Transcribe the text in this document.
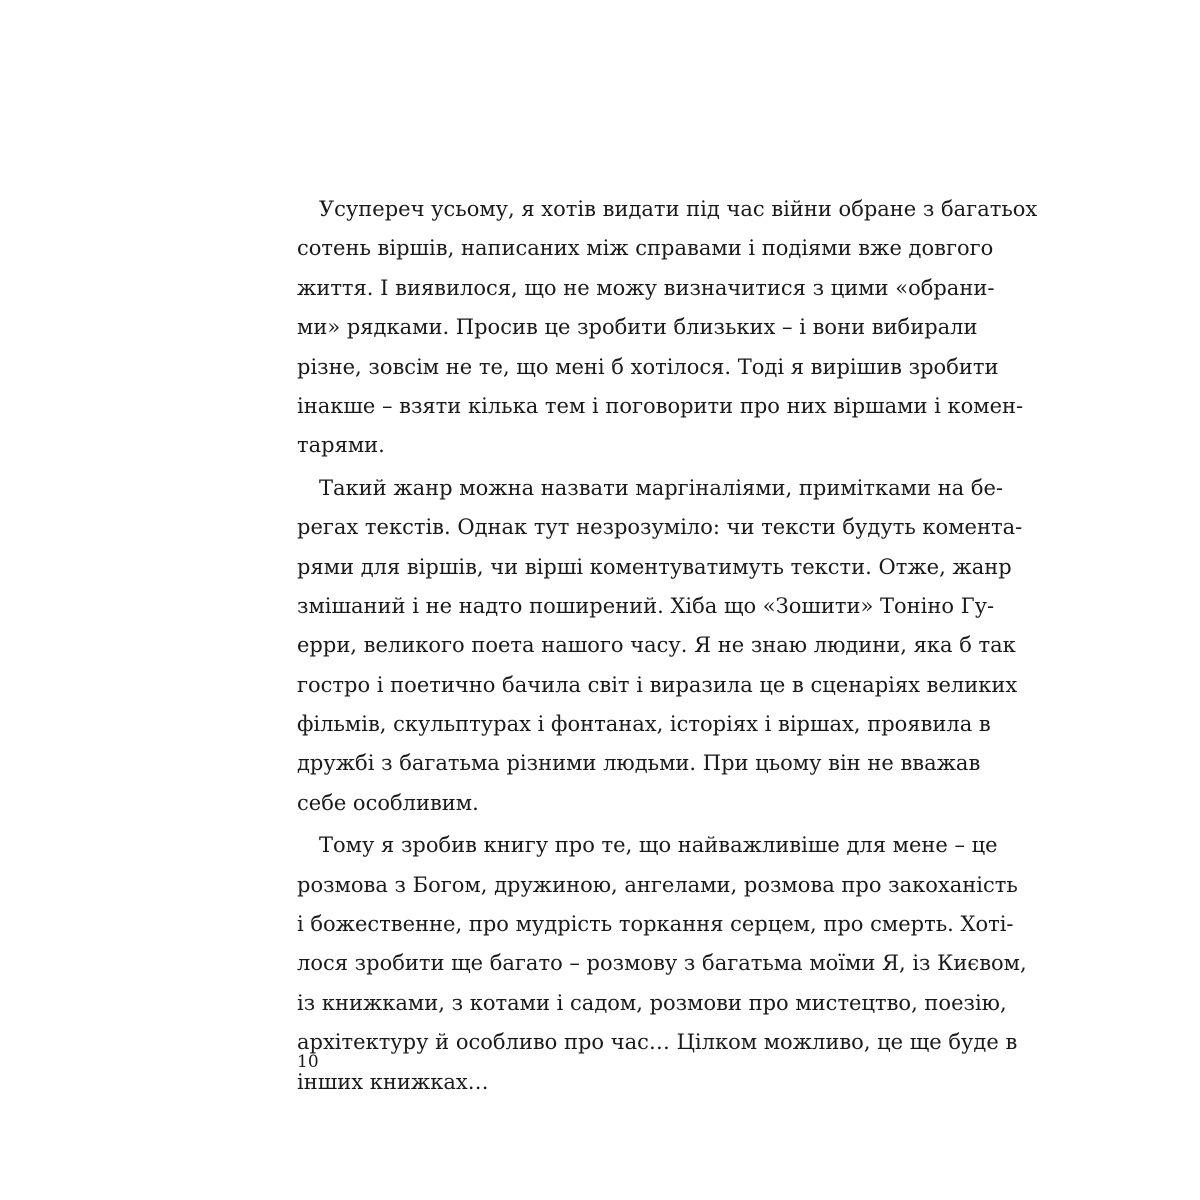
Усупереч усьому, я хотів видати під час війни обране з багатьох
сотень віршів, написаних між справами і подіями вже довгого
життя. І виявилося, що не можу визначитися з цими «обрани-
ми» рядками. Просив це зробити близьких – і вони вибирали
різне, зовсім не те, що мені б хотілося. Тоді я вирішив зробити
інакше – взяти кілька тем і поговорити про них віршами і комен-
тарями.
Такий жанр можна назвати маргіналіями, примітками на бе-
регах текстів. Однак тут незрозуміло: чи тексти будуть комента-
рями для віршів, чи вірші коментуватимуть тексти. Отже, жанр
змішаний і не надто поширений. Хіба що «Зошити» Тоніно Гу-
ерри, великого поета нашого часу. Я не знаю людини, яка б так
гостро і поетично бачила світ і виразила це в сценаріях великих
фільмів, скульптурах і фонтанах, історіях і віршах, проявила в
дружбі з багатьма різними людьми. При цьому він не вважав
себе особливим.
Тому я зробив книгу про те, що найважливіше для мене – це
розмова з Богом, дружиною, ангелами, розмова про закоханість
і божественне, про мудрість торкання серцем, про смерть. Хоті-
лося зробити ще багато – розмову з багатьма моїми Я, із Києвом,
із книжками, з котами і садом, розмови про мистецтво, поезію,
архітектуру й особливо про час… Цілком можливо, це ще буде в
інших книжках…
10
